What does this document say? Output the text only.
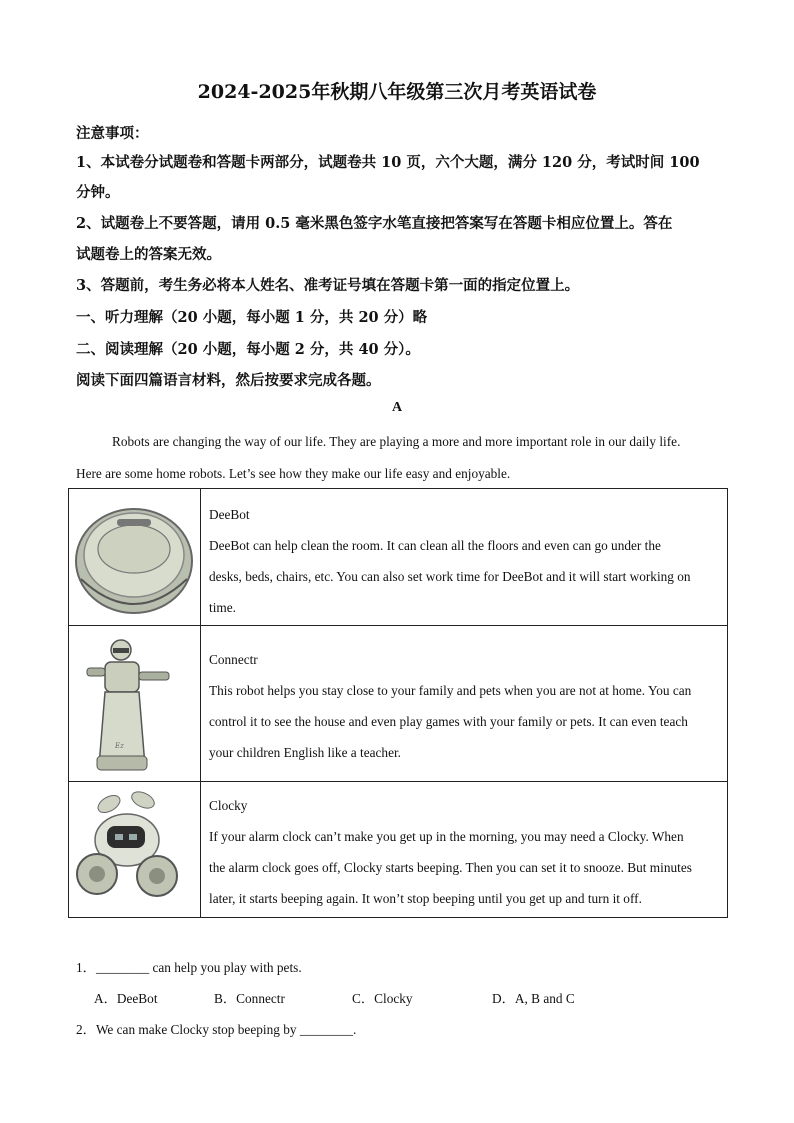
2024-2025年秋期八年级第三次月考英语试卷
注意事项：
1、本试卷分试题卷和答题卡两部分，试题卷共 10 页，六个大题，满分 120 分，考试时间 100
分钟。
2、试题卷上不要答题，请用 0.5 毫米黑色签字水笔直接把答案写在答题卡相应位置上。答在
试题卷上的答案无效。
3、答题前，考生务必将本人姓名、准考证号填在答题卡第一面的指定位置上。
一、听力理解（20 小题，每小题 1 分，共 20 分）略
二、阅读理解（20 小题，每小题 2 分，共 40 分）。
阅读下面四篇语言材料，然后按要求完成各题。
A
Robots are changing the way of our life. They are playing a more and more important role in our daily life.
Here are some home robots. Let’s see how they make our life easy and enjoyable.
DeeBot
DeeBot can help clean the room. It can clean all the floors and even can go under the
desks, beds, chairs, etc. You can also set work time for DeeBot and it will start working on
time.
Ez
Connectr
This robot helps you stay close to your family and pets when you are not at home. You can
control it to see the house and even play games with your family or pets. It can even teach
your children English like a teacher.
Clocky
If your alarm clock can’t make you get up in the morning, you may need a Clocky. When
the alarm clock goes off, Clocky starts beeping. Then you can set it to snooze. But minutes
later, it starts beeping again. It won’t stop beeping until you get up and turn it off.
1．________ can help you play with pets.
A．DeeBot	B．Connectr	C．Clocky	D．A, B and C
2．We can make Clocky stop beeping by ________.
